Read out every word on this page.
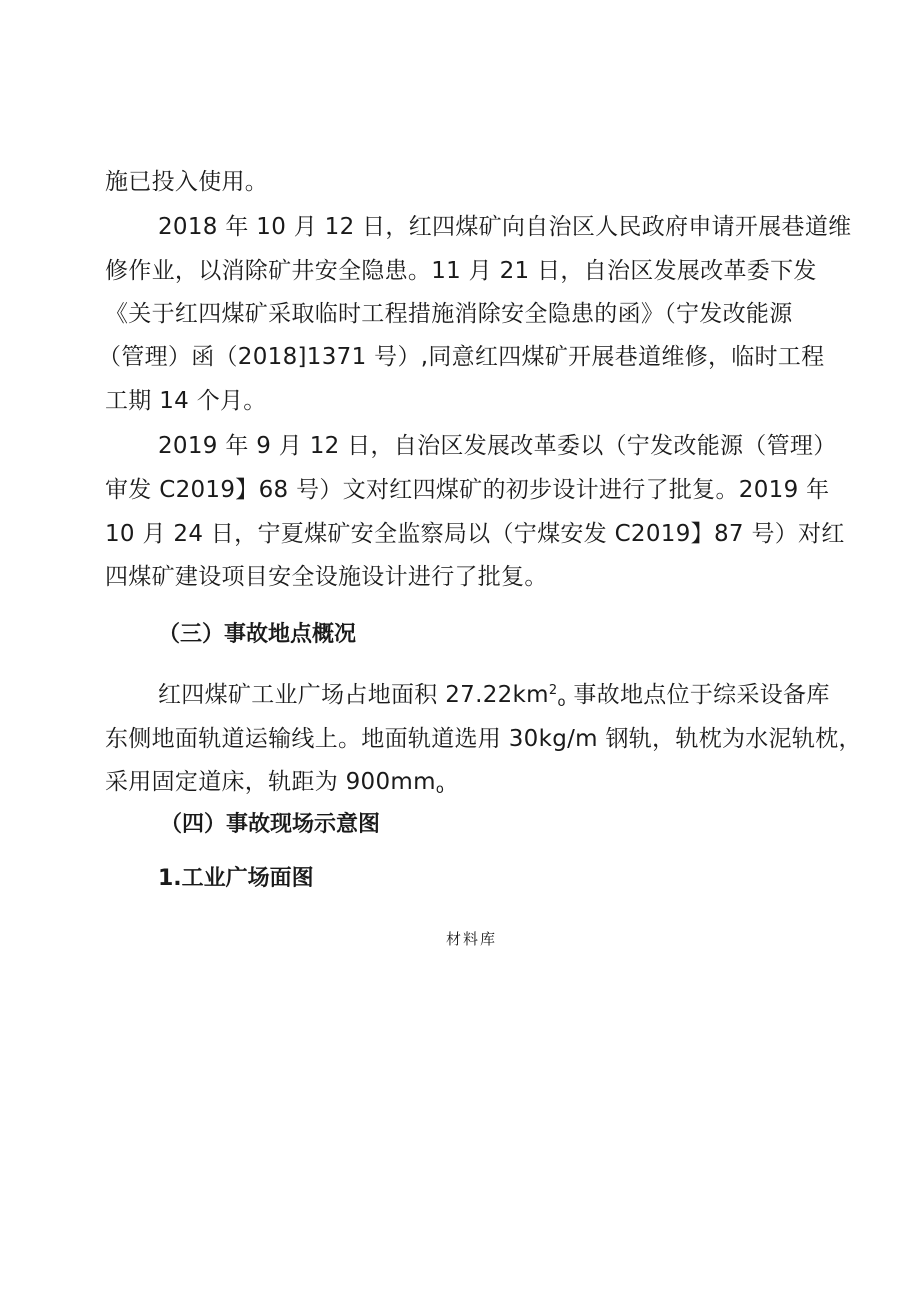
施已投入使用。
2018 年 10 月 12 日，红四煤矿向自治区人民政府申请开展巷道维
修作业，以消除矿井安全隐患。11 月 21 日，自治区发展改革委下发
《关于红四煤矿采取临时工程措施消除安全隐患的函》（宁发改能源
（管理）函（2018]1371 号）,同意红四煤矿开展巷道维修，临时工程
工期 14 个月。
2019 年 9 月 12 日，自治区发展改革委以（宁发改能源（管理）
审发 C2019】68 号）文对红四煤矿的初步设计进行了批复。2019 年
10 月 24 日，宁夏煤矿安全监察局以（宁煤安发 C2019】87 号）对红
四煤矿建设项目安全设施设计进行了批复。
（三）事故地点概况
红四煤矿工业广场占地面积 $27.22km^2_o$ 事故地点位于综采设备库
东侧地面轨道运输线上。地面轨道选用 30kg/m 钢轨，轨枕为水泥轨枕，
采用固定道床，轨距为 $900mm_o$
（四）事故现场示意图
1.工业广场面图
材料库
